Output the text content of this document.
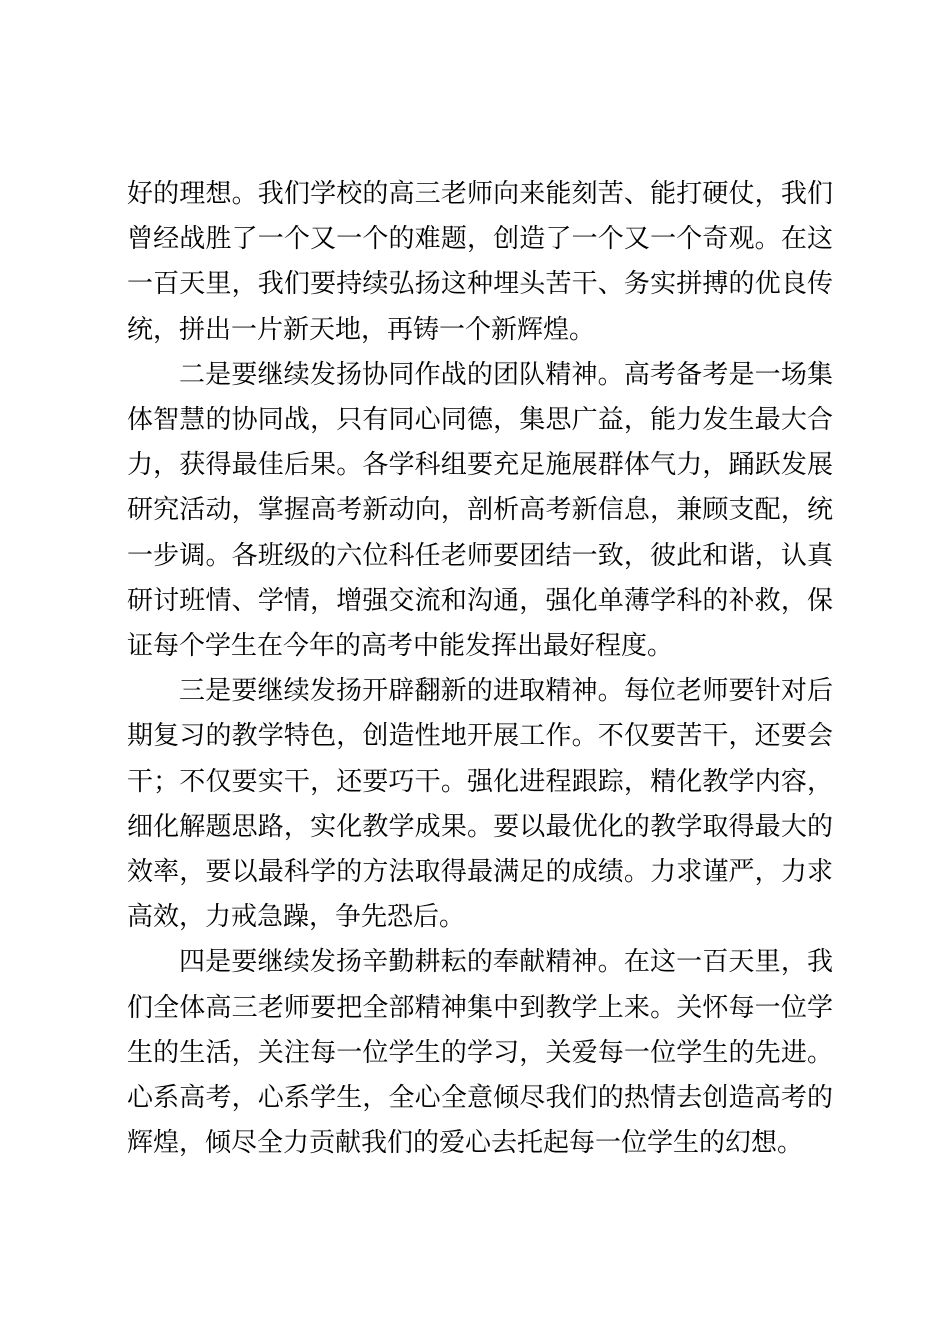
好的理想。我们学校的高三老师向来能刻苦、能打硬仗，我们曾经战胜了一个又一个的难题，创造了一个又一个奇观。在这一百天里，我们要持续弘扬这种埋头苦干、务实拼搏的优良传统，拼出一片新天地，再铸一个新辉煌。

二是要继续发扬协同作战的团队精神。高考备考是一场集体智慧的协同战，只有同心同德，集思广益，能力发生最大合力，获得最佳后果。各学科组要充足施展群体气力，踊跃发展研究活动，掌握高考新动向，剖析高考新信息，兼顾支配，统一步调。各班级的六位科任老师要团结一致，彼此和谐，认真研讨班情、学情，增强交流和沟通，强化单薄学科的补救，保证每个学生在今年的高考中能发挥出最好程度。

三是要继续发扬开辟翻新的进取精神。每位老师要针对后期复习的教学特色，创造性地开展工作。不仅要苦干，还要会干；不仅要实干，还要巧干。强化进程跟踪，精化教学内容，细化解题思路，实化教学成果。要以最优化的教学取得最大的效率，要以最科学的方法取得最满足的成绩。力求谨严，力求高效，力戒急躁，争先恐后。

四是要继续发扬辛勤耕耘的奉献精神。在这一百天里，我们全体高三老师要把全部精神集中到教学上来。关怀每一位学生的生活，关注每一位学生的学习，关爱每一位学生的先进。心系高考，心系学生，全心全意倾尽我们的热情去创造高考的辉煌，倾尽全力贡献我们的爱心去托起每一位学生的幻想。
